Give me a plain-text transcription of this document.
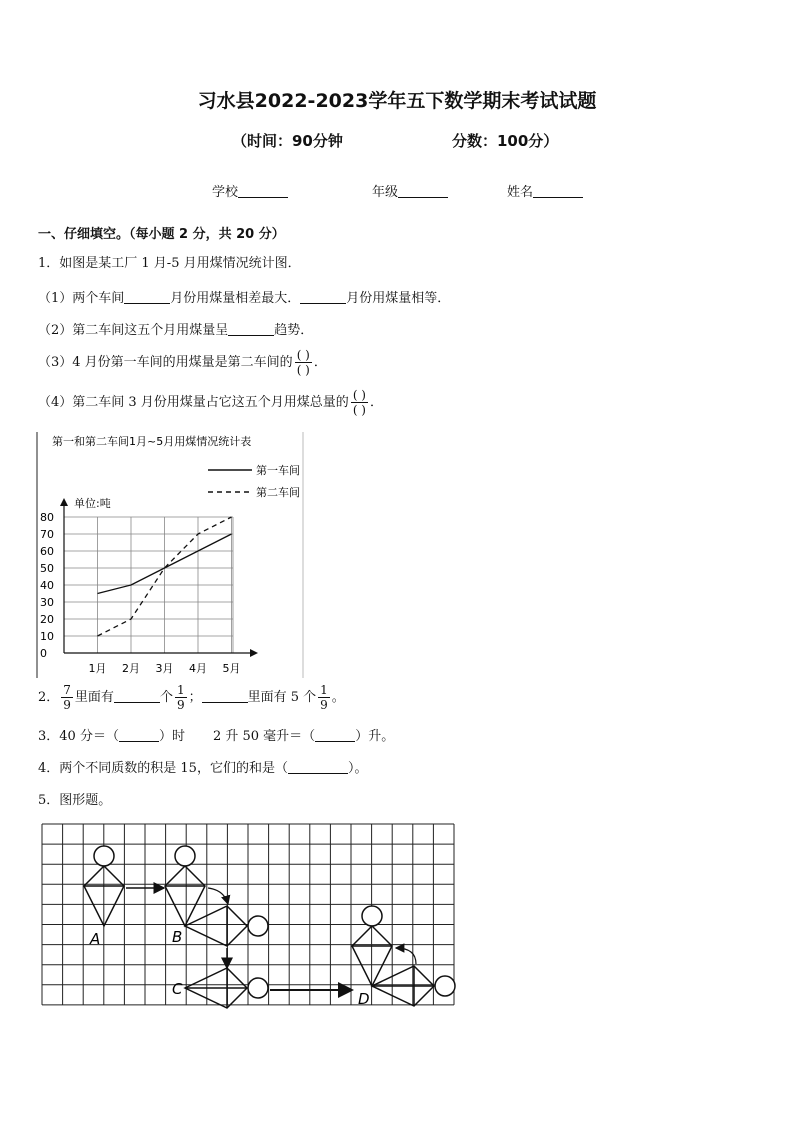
习水县2022-2023学年五下数学期末考试试题
（时间：90分钟	分数：100分）
学校	年级	姓名
一、仔细填空。（每小题 2 分，共 20 分）
1．如图是某工厂 1 月-5 月用煤情况统计图．
（1）两个车间	月份用煤量相差最大．	月份用煤量相等．
（2）第二车间这五个月用煤量呈	趋势．
（3）4 月份第一车间的用煤量是第二车间的 $\frac{( )}{( )}$ ．
（4）第二车间 3 月份用煤量占它这五个月用煤总量的 $\frac{( )}{( )}$ ．
第一和第二车间1月~5月用煤情况统计表
第一车间
第二车间
单位:吨
0
10
20
30
40
50
60
70
80
1月 2月 3月 4月 5月
2． $\frac{7}{9}$ 里面有	个 $\frac{1}{9}$ ；	里面有 5 个 $\frac{1}{9}$ 。
3．40 分＝（	）时 2 升 50 毫升＝（	）升。
4．两个不同质数的积是 15，它们的和是（	）。
5．图形题。
A	B
C
D
